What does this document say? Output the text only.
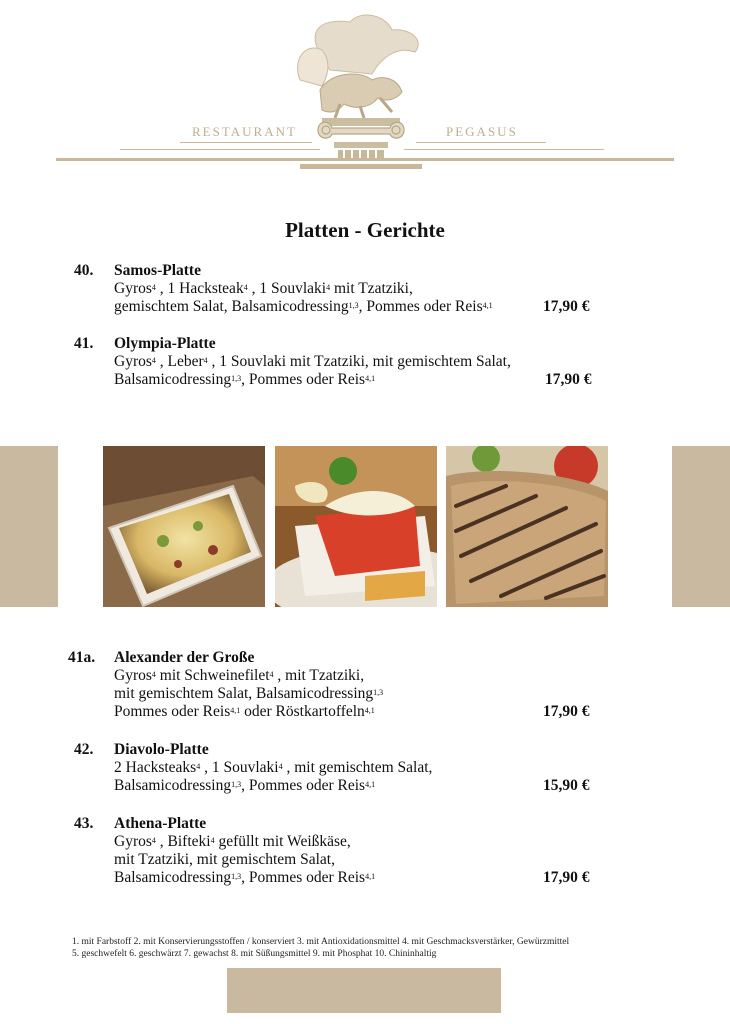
RESTAURANT	PEGASUS
Platten - Gerichte
40. Samos-Platte
Gyros$^4$ , 1 Hacksteak$^4$ , 1 Souvlaki$^4$ mit Tzatziki,
gemischtem Salat, Balsamicodressing$^{1,3}$, Pommes oder Reis$^{4,1}$	17,90 €
41. Olympia-Platte
Gyros$^4$ , Leber$^4$ , 1 Souvlaki mit Tzatziki, mit gemischtem Salat,
Balsamicodressing$^{1,3}$, Pommes oder Reis$^{4,1}$	17,90 €
41a. Alexander der Große
Gyros$^4$ mit Schweinefilet$^4$ , mit Tzatziki,
mit gemischtem Salat, Balsamicodressing$^{1,3}$
Pommes oder Reis$^{4,1}$ oder Röstkartoffeln$^{4,1}$	17,90 €
42. Diavolo-Platte
2 Hacksteaks$^4$ , 1 Souvlaki$^4$ , mit gemischtem Salat,
Balsamicodressing$^{1,3}$, Pommes oder Reis$^{4,1}$	15,90 €
43. Athena-Platte
Gyros$^4$ , Bifteki$^4$ gefüllt mit Weißkäse,
mit Tzatziki, mit gemischtem Salat,
Balsamicodressing$^{1,3}$, Pommes oder Reis$^{4,1}$	17,90 €
1. mit Farbstoff 2. mit Konservierungsstoffen / konserviert 3. mit Antioxidationsmittel 4. mit Geschmacksverstärker, Gewürzmittel
5. geschwefelt 6. geschwärzt 7. gewachst 8. mit Süßungsmittel 9. mit Phosphat 10. Chininhaltig
